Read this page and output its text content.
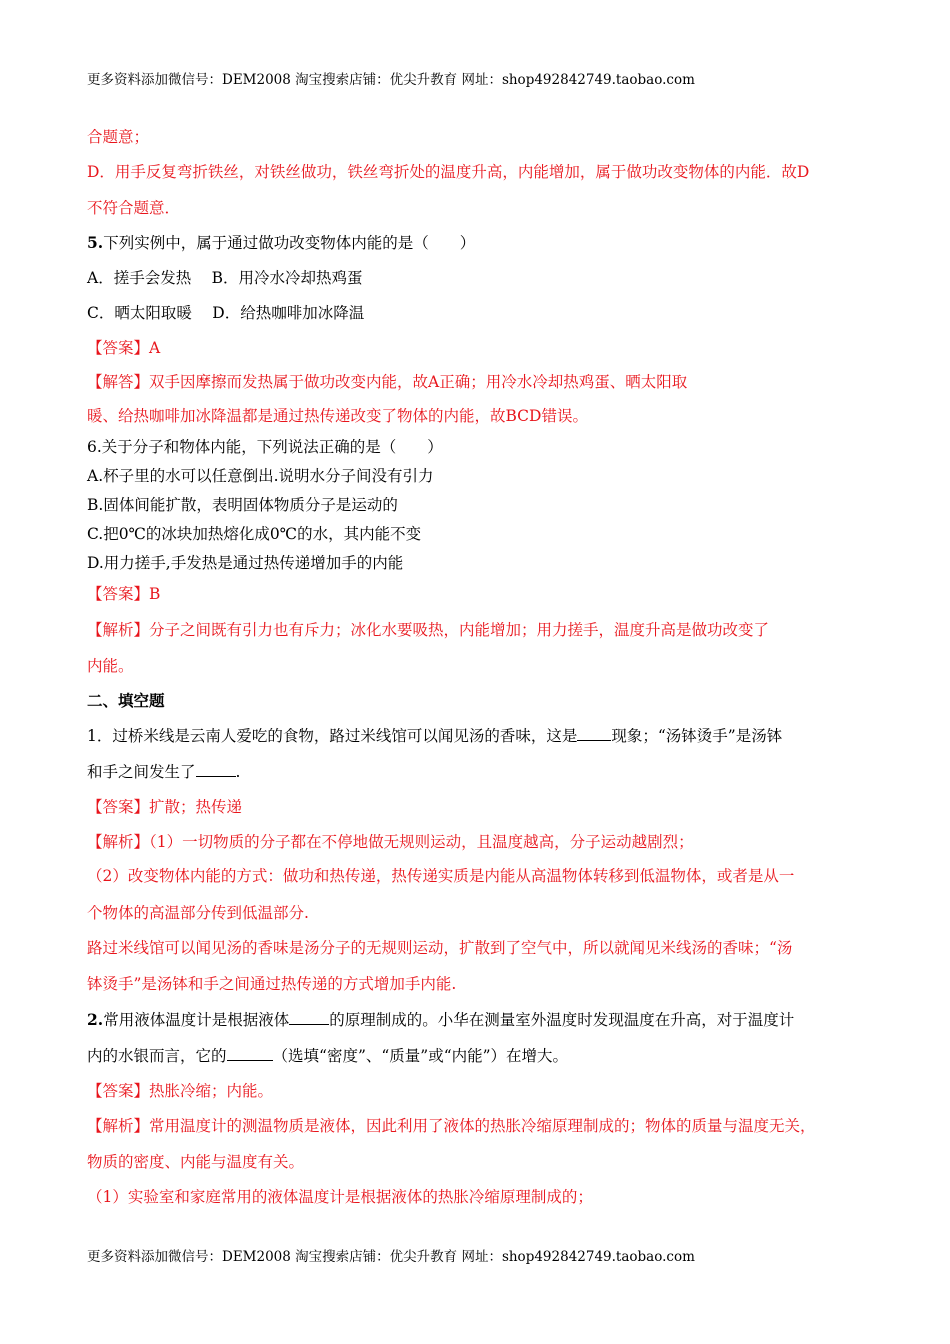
更多资料添加微信号：DEM2008 淘宝搜索店铺：优尖升教育 网址：shop492842749.taobao.com
合题意；
D．用手反复弯折铁丝，对铁丝做功，铁丝弯折处的温度升高，内能增加，属于做功改变物体的内能．故D
不符合题意．
5.下列实例中，属于通过做功改变物体内能的是（　　）
A．搓手会发热　 B．用冷水冷却热鸡蛋
C．晒太阳取暖　 D．给热咖啡加冰降温
【答案】A
【解答】双手因摩擦而发热属于做功改变内能，故A正确；用冷水冷却热鸡蛋、晒太阳取
暖、给热咖啡加冰降温都是通过热传递改变了物体的内能，故BCD错误。
6.关于分子和物体内能，下列说法正确的是（　　）
A.杯子里的水可以任意倒出.说明水分子间没有引力
B.固体间能扩散，表明固体物质分子是运动的
C.把0℃的冰块加热熔化成0℃的水，其内能不变
D.用力搓手,手发热是通过热传递增加手的内能
【答案】B
【解析】分子之间既有引力也有斥力；冰化水要吸热，内能增加；用力搓手，温度升高是做功改变了
内能。
二、填空题
1．过桥米线是云南人爱吃的食物，路过米线馆可以闻见汤的香味，这是 现象；“汤钵烫手”是汤钵
和手之间发生了	.
【答案】扩散；热传递
【解析】（1）一切物质的分子都在不停地做无规则运动，且温度越高，分子运动越剧烈；
（2）改变物体内能的方式：做功和热传递，热传递实质是内能从高温物体转移到低温物体，或者是从一
个物体的高温部分传到低温部分.
路过米线馆可以闻见汤的香味是汤分子的无规则运动，扩散到了空气中，所以就闻见米线汤的香味；“汤
钵烫手”是汤钵和手之间通过热传递的方式增加手内能.
2.常用液体温度计是根据液体	的原理制成的。小华在测量室外温度时发现温度在升高，对于温度计
内的水银而言，它的	（选填“密度”、“质量”或“内能”）在增大。
【答案】热胀冷缩；内能。
【解析】常用温度计的测温物质是液体，因此利用了液体的热胀冷缩原理制成的；物体的质量与温度无关，
物质的密度、内能与温度有关。
（1）实验室和家庭常用的液体温度计是根据液体的热胀冷缩原理制成的；
更多资料添加微信号：DEM2008 淘宝搜索店铺：优尖升教育 网址：shop492842749.taobao.com
